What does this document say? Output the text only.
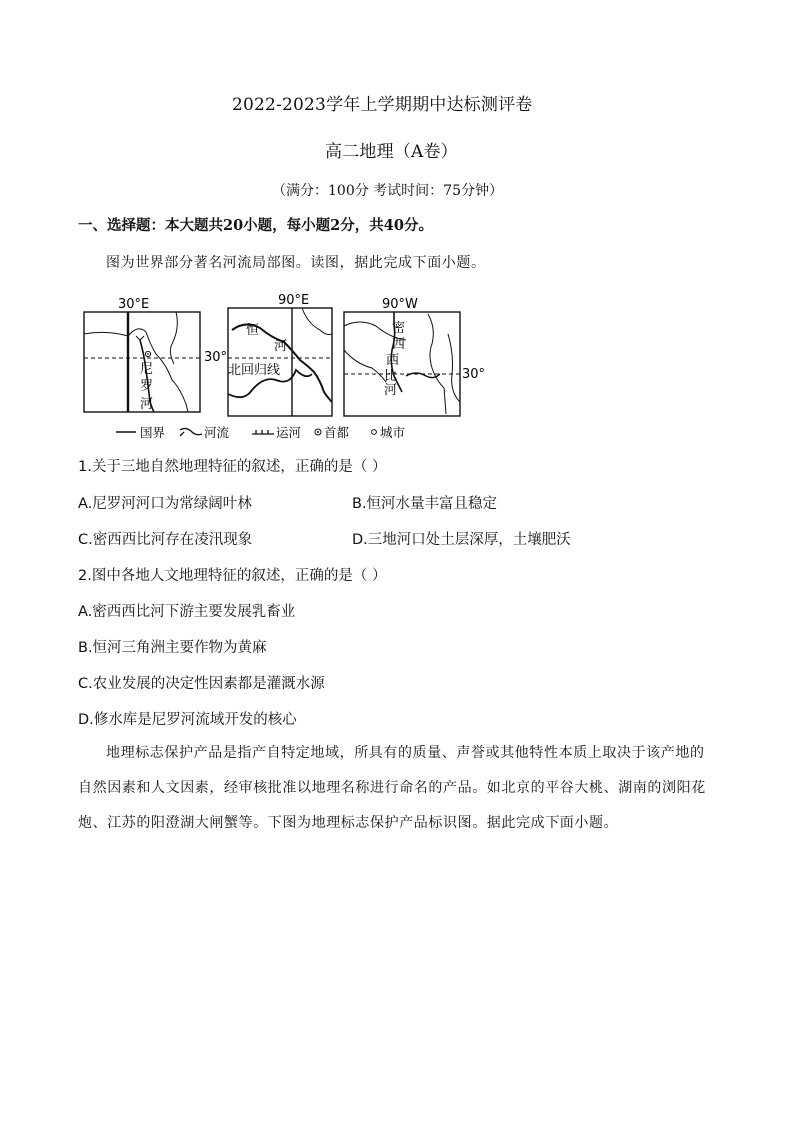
2022-2023学年上学期期中达标测评卷
高二地理（A卷）
（满分：100分 考试时间：75分钟）
一、选择题：本大题共20小题，每小题2分，共40分。
图为世界部分著名河流局部图。读图，据此完成下面小题。
30°E
尼
罗
河
30°
90°E
恒
河
北回归线
90°W
密
西
西
比
河
30°
国界	河流	运河 首都 城市
1.关于三地自然地理特征的叙述，正确的是（ ）
A.尼罗河河口为常绿阔叶林	B.恒河水量丰富且稳定
C.密西西比河存在凌汛现象	D.三地河口处土层深厚，土壤肥沃
2.图中各地人文地理特征的叙述，正确的是（ ）
A.密西西比河下游主要发展乳畜业
B.恒河三角洲主要作物为黄麻
C.农业发展的决定性因素都是灌溉水源
D.修水库是尼罗河流域开发的核心
地理标志保护产品是指产自特定地域，所具有的质量、声誉或其他特性本质上取决于该产地的自然因素和人文因素，经审核批准以地理名称进行命名的产品。如北京的平谷大桃、湖南的浏阳花炮、江苏的阳澄湖大闸蟹等。下图为地理标志保护产品标识图。据此完成下面小题。
